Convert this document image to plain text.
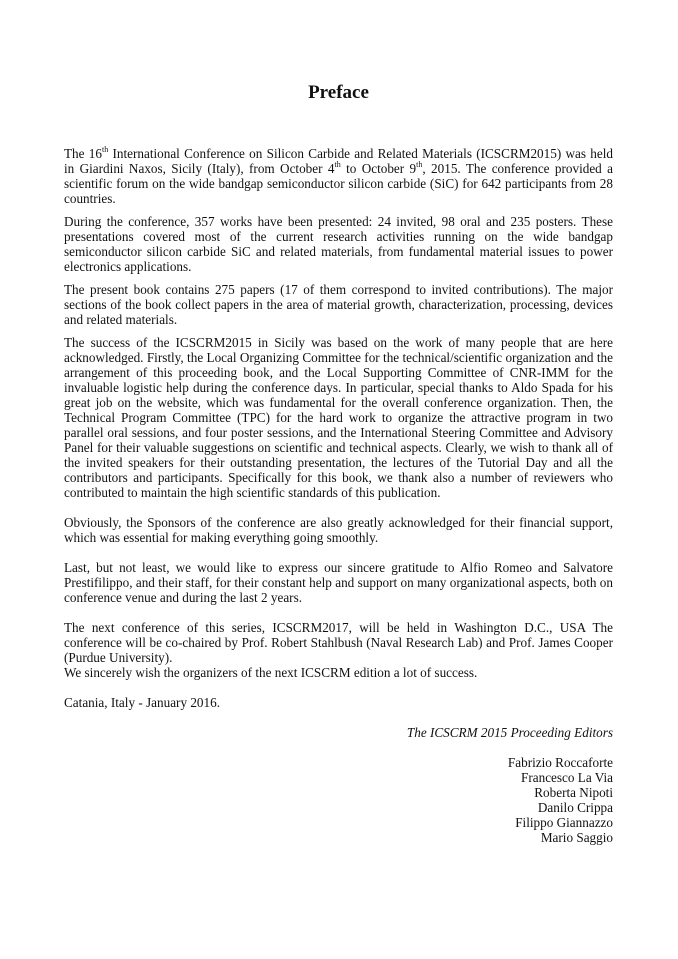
Preface

The 16th International Conference on Silicon Carbide and Related Materials (ICSCRM2015) was held in Giardini Naxos, Sicily (Italy), from October 4th to October 9th, 2015. The conference provided a scientific forum on the wide bandgap semiconductor silicon carbide (SiC) for 642 participants from 28 countries.

During the conference, 357 works have been presented: 24 invited, 98 oral and 235 posters. These presentations covered most of the current research activities running on the wide bandgap semiconductor silicon carbide SiC and related materials, from fundamental material issues to power electronics applications.

The present book contains 275 papers (17 of them correspond to invited contributions). The major sections of the book collect papers in the area of material growth, characterization, processing, devices and related materials.

The success of the ICSCRM2015 in Sicily was based on the work of many people that are here acknowledged. Firstly, the Local Organizing Committee for the technical/scientific organization and the arrangement of this proceeding book, and the Local Supporting Committee of CNR-IMM for the invaluable logistic help during the conference days. In particular, special thanks to Aldo Spada for his great job on the website, which was fundamental for the overall conference organization. Then, the Technical Program Committee (TPC) for the hard work to organize the attractive program in two parallel oral sessions, and four poster sessions, and the International Steering Committee and Advisory Panel for their valuable suggestions on scientific and technical aspects. Clearly, we wish to thank all of the invited speakers for their outstanding presentation, the lectures of the Tutorial Day and all the contributors and participants. Specifically for this book, we thank also a number of reviewers who contributed to maintain the high scientific standards of this publication.

Obviously, the Sponsors of the conference are also greatly acknowledged for their financial support, which was essential for making everything going smoothly.

Last, but not least, we would like to express our sincere gratitude to Alfio Romeo and Salvatore Prestifilippo, and their staff, for their constant help and support on many organizational aspects, both on conference venue and during the last 2 years.

The next conference of this series, ICSCRM2017, will be held in Washington D.C., USA The conference will be co-chaired by Prof. Robert Stahlbush (Naval Research Lab) and Prof. James Cooper (Purdue University).

We sincerely wish the organizers of the next ICSCRM edition a lot of success.

Catania, Italy - January 2016.

The ICSCRM 2015 Proceeding Editors

Fabrizio Roccaforte
Francesco La Via
Roberta Nipoti
Danilo Crippa
Filippo Giannazzo
Mario Saggio
